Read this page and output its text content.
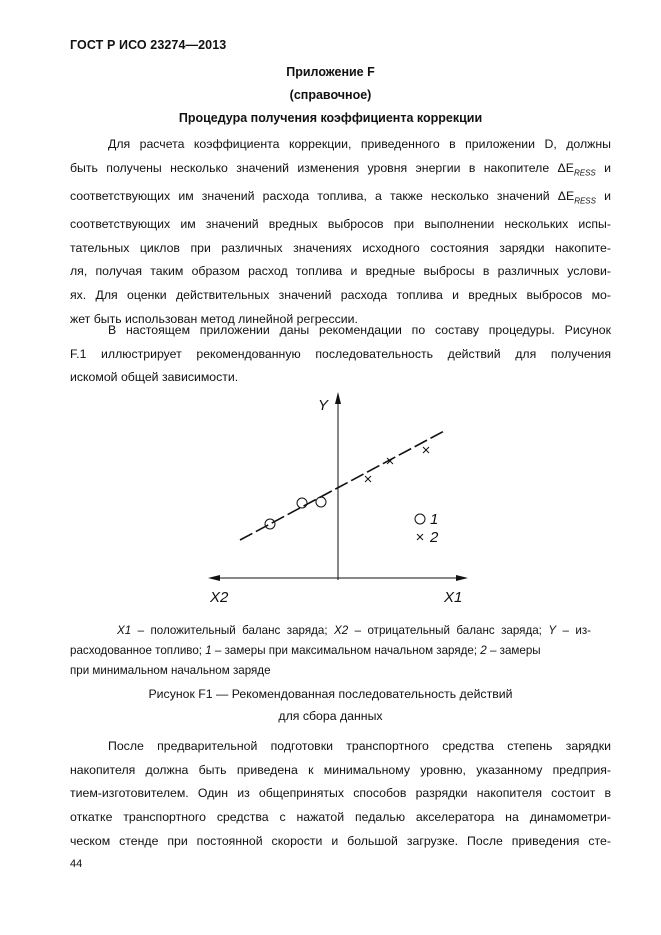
ГОСТ Р ИСО 23274—2013
Приложение F
(справочное)
Процедура получения коэффициента коррекции
Для расчета коэффициента коррекции, приведенного в приложении D, должны
быть получены несколько значений изменения уровня энергии в накопителе $\Delta E_{RESS}$ и
соответствующих им значений расхода топлива, а также несколько значений $\Delta E_{RESS}$ и
соответствующих им значений вредных выбросов при выполнении нескольких испы-
тательных циклов при различных значениях исходного состояния зарядки накопите-
ля, получая таким образом расход топлива и вредные выбросы в различных услови-
ях. Для оценки действительных значений расхода топлива и вредных выбросов мо-
жет быть использован метод линейной регрессии.
В настоящем приложении даны рекомендации по составу процедуры. Рисунок
F.1 иллюстрирует рекомендованную последовательность действий для получения
искомой общей зависимости.
Y
X1
X2
1
2
X1 – положительный баланс заряда; X2 – отрицательный баланс заряда; Y – из-
расходованное топливо; 1 – замеры при максимальном начальном заряде; 2 – замеры
при минимальном начальном заряде
Рисунок F1 — Рекомендованная последовательность действий
для сбора данных
После предварительной подготовки транспортного средства степень зарядки
накопителя должна быть приведена к минимальному уровню, указанному предприя-
тием-изготовителем. Один из общепринятых способов разрядки накопителя состоит в
откатке транспортного средства с нажатой педалью акселератора на динамометри-
ческом стенде при постоянной скорости и большой загрузке. После приведения сте-
44
